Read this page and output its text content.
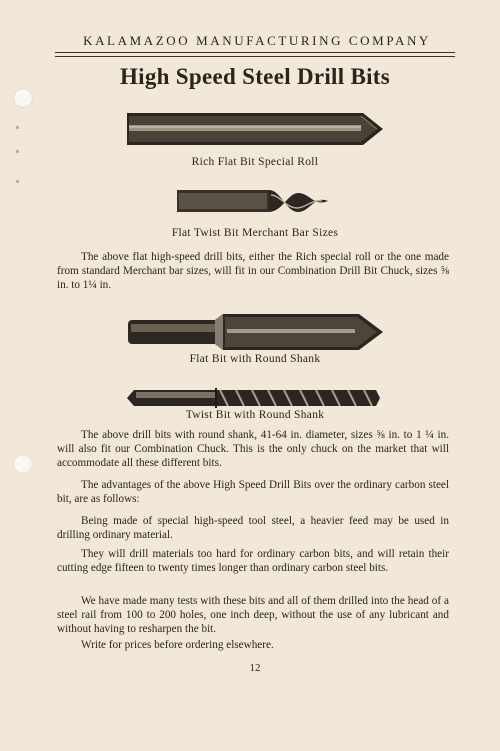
KALAMAZOO MANUFACTURING COMPANY
High Speed Steel Drill Bits
Rich Flat Bit Special Roll
Flat Twist Bit Merchant Bar Sizes

The above flat high-speed drill bits, either the Rich special roll or the one made from standard Merchant bar sizes, will fit in our Combination Drill Bit Chuck, sizes ⅝ in. to 1¼ in.

Flat Bit with Round Shank
Twist Bit with Round Shank

The above drill bits with round shank, 41-64 in. diameter, sizes ⅝ in. to 1 ¼ in. will also fit our Combination Chuck. This is the only chuck on the market that will accommodate all these different bits.

The advantages of the above High Speed Drill Bits over the ordinary carbon steel bit, are as follows:

Being made of special high-speed tool steel, a heavier feed may be used in drilling ordinary material.

They will drill materials too hard for ordinary carbon bits, and will retain their cutting edge fifteen to twenty times longer than ordinary carbon steel bits.

We have made many tests with these bits and all of them drilled into the head of a steel rail from 100 to 200 holes, one inch deep, without the use of any lubricant and without having to resharpen the bit.

Write for prices before ordering elsewhere.

12
